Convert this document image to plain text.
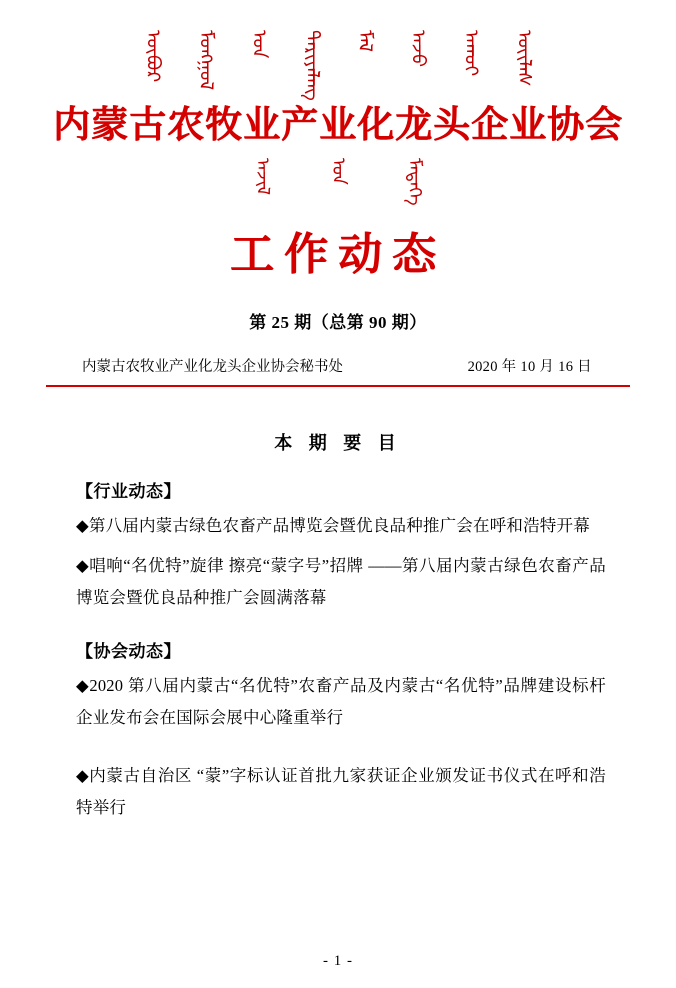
ᠦᠪᠦᠷ ᠮᠣᠩᠭᠤᠯ ᠤᠨ ᠲᠠᠷᠢᠶᠠᠯᠠᠩ ᠮᠠᠯ ᠠᠵᠤ ᠠᠬᠤᠢ ᠦᠢᠯᠡᠰ
内蒙古农牧业产业化龙头企业协会
ᠠᠵᠢᠯ	ᠤᠨ	ᠮᠡᠳᠡᠭᠡ
工作动态
第 25 期（总第 90 期）
内蒙古农牧业产业化龙头企业协会秘书处	2020 年 10 月 16 日
本 期 要 目
【行业动态】
◆第八届内蒙古绿色农畜产品博览会暨优良品种推广会在呼和浩特开幕
◆唱响“名优特”旋律 擦亮“蒙字号”招牌 ——第八届内蒙古绿色农畜产品博览会暨优良品种推广会圆满落幕
【协会动态】
◆2020 第八届内蒙古“名优特”农畜产品及内蒙古“名优特”品牌建设标杆企业发布会在国际会展中心隆重举行
◆内蒙古自治区 “蒙”字标认证首批九家获证企业颁发证书仪式在呼和浩特举行
- 1 -
